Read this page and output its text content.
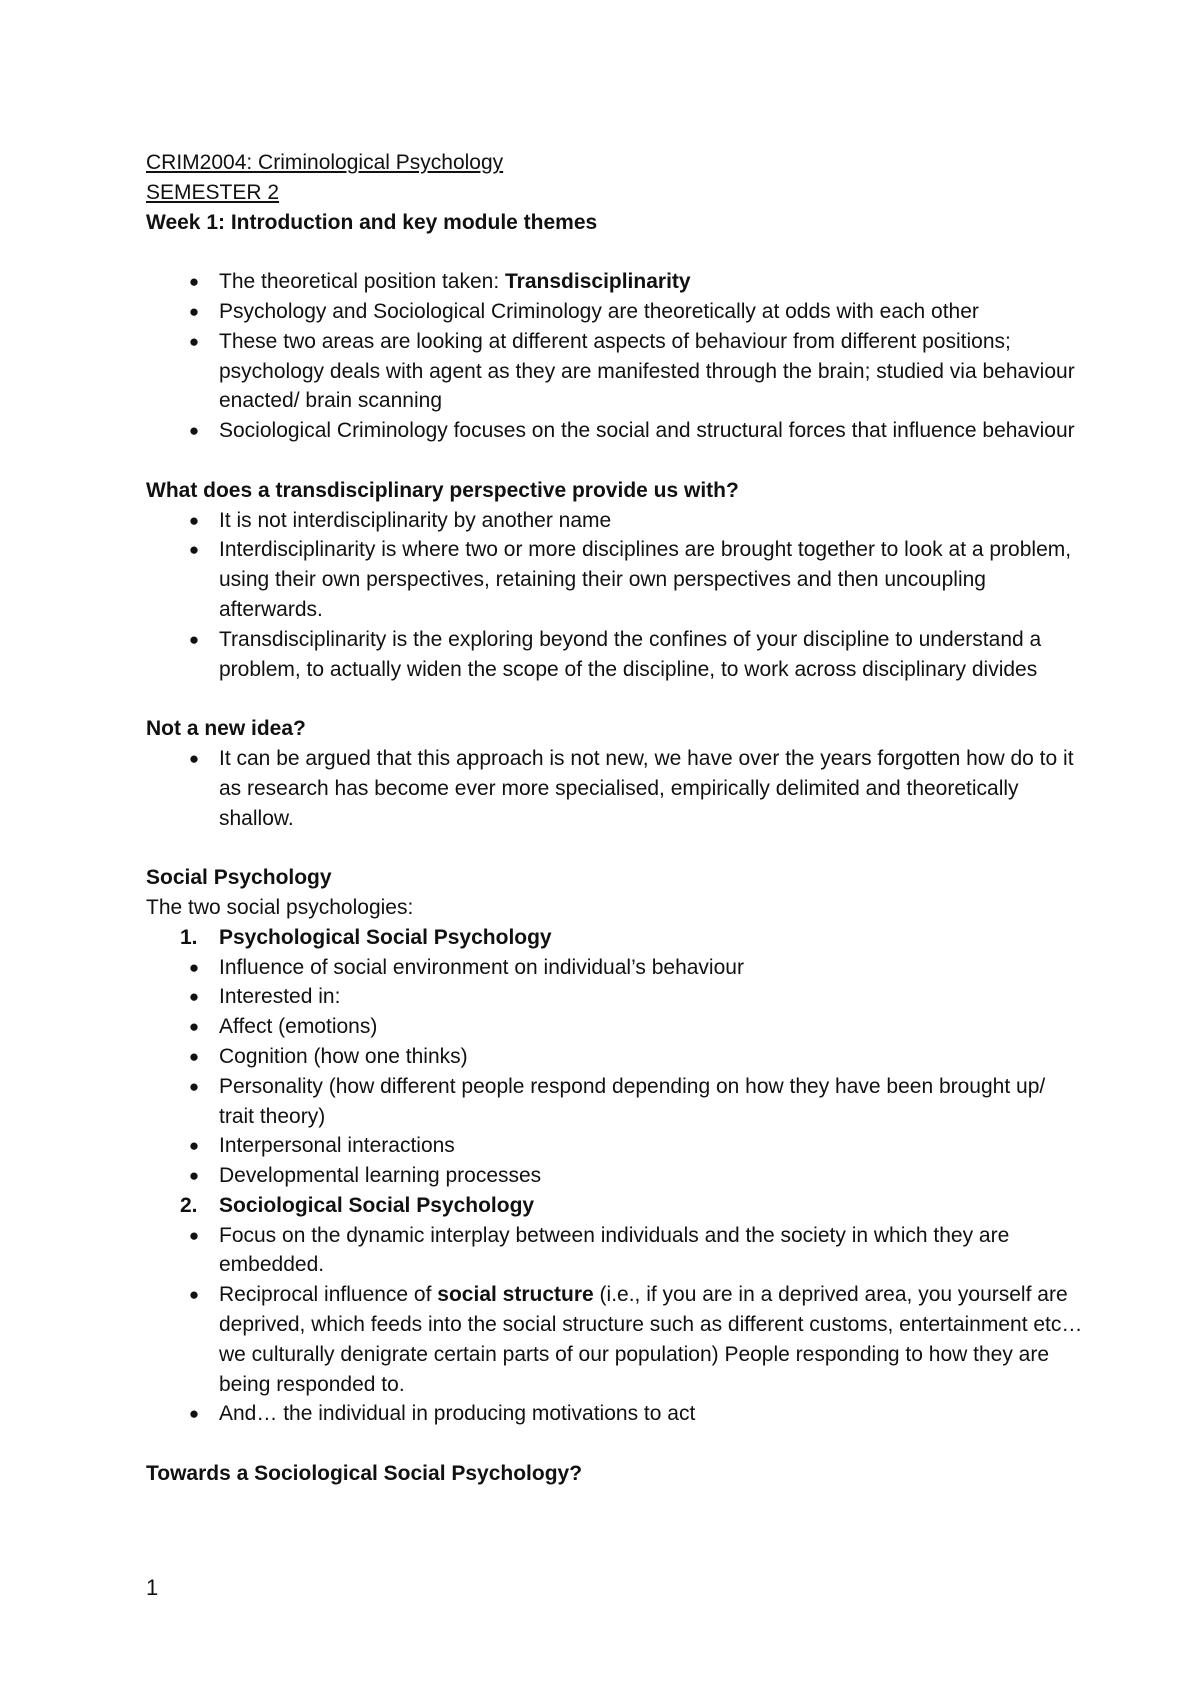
CRIM2004: Criminological Psychology

SEMESTER 2

Week 1: Introduction and key module themes

● The theoretical position taken: Transdisciplinarity
● Psychology and Sociological Criminology are theoretically at odds with each other
● These two areas are looking at different aspects of behaviour from different positions; psychology deals with agent as they are manifested through the brain; studied via behaviour enacted/ brain scanning
● Sociological Criminology focuses on the social and structural forces that influence behaviour

What does a transdisciplinary perspective provide us with?

● It is not interdisciplinarity by another name
● Interdisciplinarity is where two or more disciplines are brought together to look at a problem, using their own perspectives, retaining their own perspectives and then uncoupling afterwards.
● Transdisciplinarity is the exploring beyond the confines of your discipline to understand a problem, to actually widen the scope of the discipline, to work across disciplinary divides

Not a new idea?

● It can be argued that this approach is not new, we have over the years forgotten how do to it as research has become ever more specialised, empirically delimited and theoretically shallow.

Social Psychology

The two social psychologies:

1.	Psychological Social Psychology
● Influence of social environment on individual’s behaviour
● Interested in:
● Affect (emotions)
● Cognition (how one thinks)
● Personality (how different people respond depending on how they have been brought up/ trait theory)
● Interpersonal interactions
● Developmental learning processes
2.	Sociological Social Psychology
● Focus on the dynamic interplay between individuals and the society in which they are embedded.
● Reciprocal influence of social structure (i.e., if you are in a deprived area, you yourself are deprived, which feeds into the social structure such as different customs, entertainment etc… we culturally denigrate certain parts of our population) People responding to how they are being responded to.
● And… the individual in producing motivations to act

Towards a Sociological Social Psychology?

1
